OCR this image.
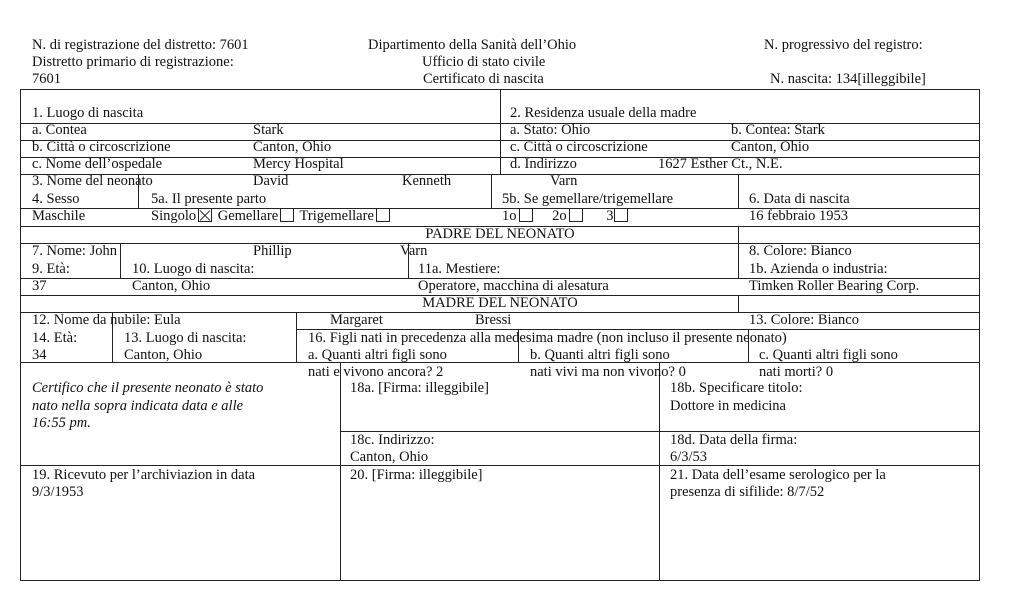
N. di registrazione del distretto: 7601
Distretto primario di registrazione:
7601
Dipartimento della Sanità dell’Ohio
Ufficio di stato civile
Certificato di nascita
N. progressivo del registro:
N. nascita: 134[illeggibile]
1. Luogo di nascita
a. Contea	Stark
b. Città o circoscrizione	Canton, Ohio
c. Nome dell’ospedale	Mercy Hospital
2. Residenza usuale della madre
a. Stato: Ohio	b. Contea: Stark
c. Città o circoscrizione	Canton, Ohio
d. Indirizzo	1627 Esther Ct., N.E.
3. Nome del neonato	David	Kenneth	Varn
4. Sesso
Maschile
5a. Il presente parto
Singolo Gemellare Trigemellare
5b. Se gemellare/trigemellare
1o 2o	3
6. Data di nascita
16 febbraio 1953
PADRE DEL NEONATO
7. Nome: John	Phillip	Varn	8. Colore: Bianco
9. Età:
37
10. Luogo di nascita:
Canton, Ohio
11a. Mestiere:
Operatore, macchina di alesatura
1b. Azienda o industria:
Timken Roller Bearing Corp.
MADRE DEL NEONATO
12. Nome da nubile: Eula	Margaret	Bressi	13. Colore: Bianco
14. Età:
34
13. Luogo di nascita:
Canton, Ohio
16. Figli nati in precedenza alla medesima madre (non incluso il presente neonato)
a. Quanti altri figli sono
nati e vivono ancora? 2
b. Quanti altri figli sono
nati vivi ma non vivono? 0
c. Quanti altri figli sono
nati morti? 0
Certifico che il presente neonato è stato
nato nella sopra indicata data e alle
16:55 pm.
18a. [Firma: illeggibile]	18b. Specificare titolo:
Dottore in medicina
18c. Indirizzo:
Canton, Ohio
18d. Data della firma:
6/3/53
19. Ricevuto per l’archiviazion in data
9/3/1953
20. [Firma: illeggibile]	21. Data dell’esame serologico per la
presenza di sifilide: 8/7/52
